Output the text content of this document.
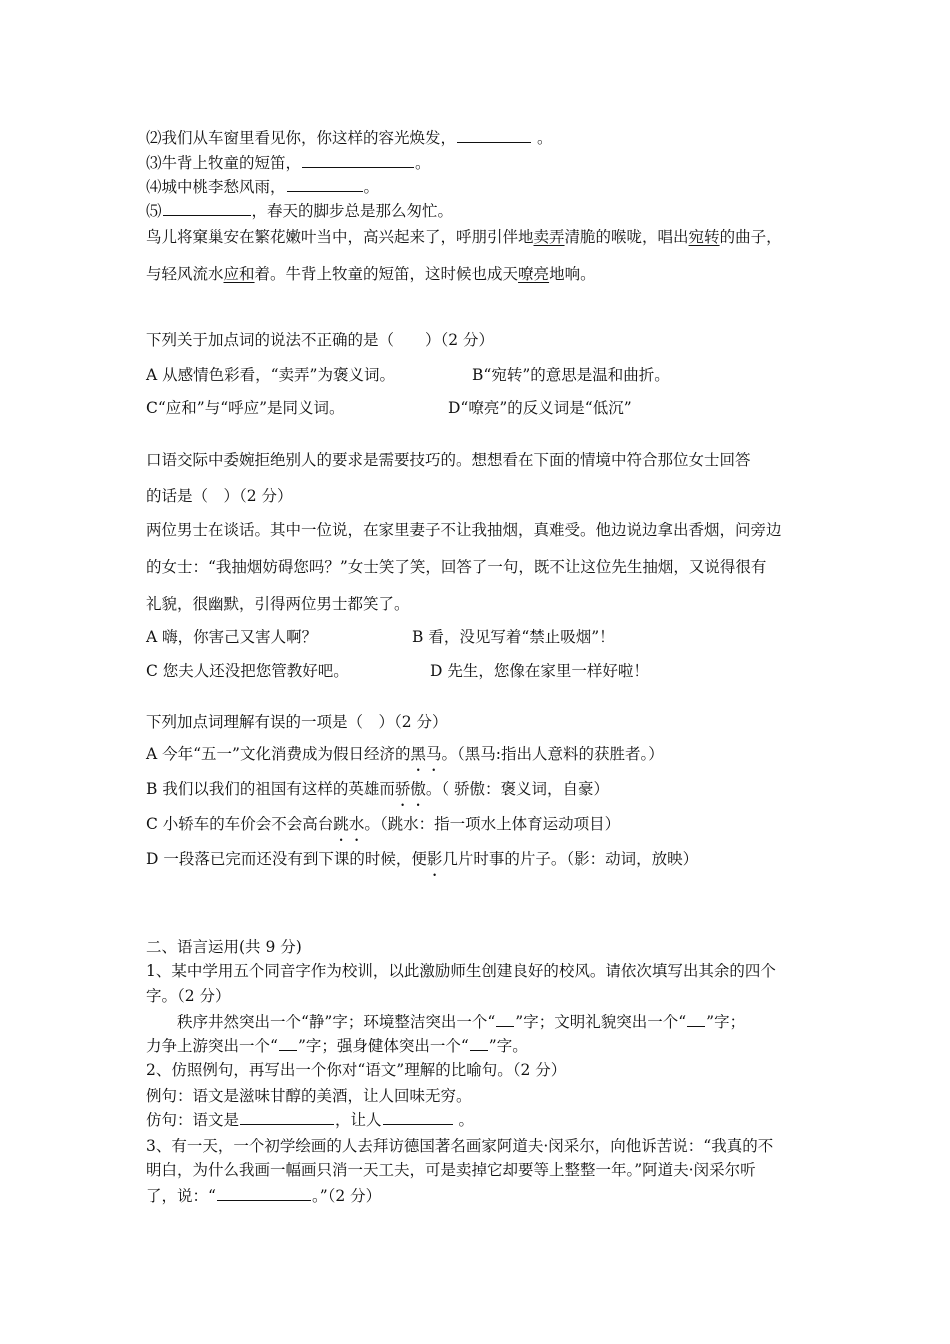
⑵我们从车窗里看见你，你这样的容光焕发，	。
⑶牛背上牧童的短笛，	。
⑷城中桃李愁风雨，	。
⑸	，春天的脚步总是那么匆忙。
鸟儿将窠巢安在繁花嫩叶当中，高兴起来了，呼朋引伴地卖弄清脆的喉咙，唱出宛转的曲子，
与轻风流水应和着。牛背上牧童的短笛，这时候也成天嘹亮地响。
下列关于加点词的说法不正确的是（　　）（2 分）
A 从感情色彩看，“卖弄”为褒义词。	B“宛转”的意思是温和曲折。
C“应和”与“呼应”是同义词。	D“嘹亮”的反义词是“低沉”
口语交际中委婉拒绝别人的要求是需要技巧的。想想看在下面的情境中符合那位女士回答
的话是（　）（2 分）
两位男士在谈话。其中一位说，在家里妻子不让我抽烟，真难受。他边说边拿出香烟，问旁边
的女士：“我抽烟妨碍您吗？”女士笑了笑，回答了一句，既不让这位先生抽烟，又说得很有
礼貌，很幽默，引得两位男士都笑了。
A 嗨，你害己又害人啊？	B 看，没见写着“禁止吸烟”！
C 您夫人还没把您管教好吧。	D 先生，您像在家里一样好啦！
下列加点词理解有误的一项是（　）（2 分）
A 今年“五一”文化消费成为假日经济的黑马。（黑马:指出人意料的获胜者。）
B 我们以我们的祖国有这样的英雄而骄傲。（ 骄傲：褒义词，自豪）
C 小轿车的车价会不会高台跳水。（跳水：指一项水上体育运动项目）
D 一段落已完而还没有到下课的时候，便影几片时事的片子。（影：动词，放映）
二、语言运用(共 9 分)
1、某中学用五个同音字作为校训，以此激励师生创建良好的校风。请依次填写出其余的四个
字。（2 分）
　　秩序井然突出一个“静”字；环境整洁突出一个“ ”字；文明礼貌突出一个“ ”字；
力争上游突出一个“ ”字；强身健体突出一个“ ”字。
2、仿照例句，再写出一个你对“语文”理解的比喻句。（2 分）
例句：语文是滋味甘醇的美酒，让人回味无穷。
仿句：语文是	，让人	。
3、有一天，一个初学绘画的人去拜访德国著名画家阿道夫·闵采尔，向他诉苦说：“我真的不
明白，为什么我画一幅画只消一天工夫，可是卖掉它却要等上整整一年。”阿道夫·闵采尔听
了，说：“	。”（2 分）
